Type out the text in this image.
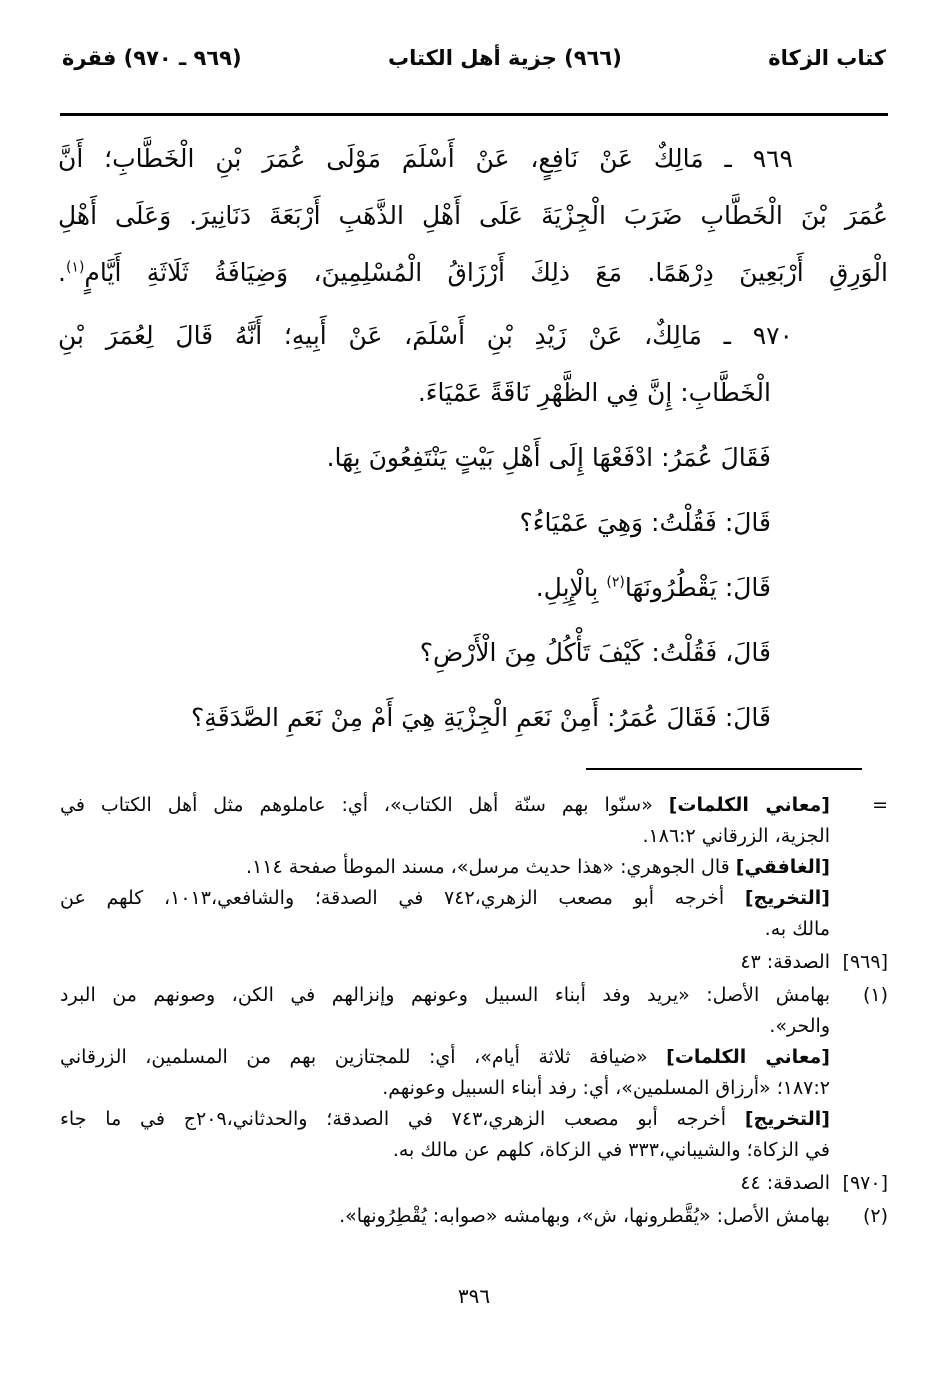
كتاب الزكاة
(٩٦٦) جزية أهل الكتاب
(٩٦٩ ـ ٩٧٠) فقرة
٩٦٩ ـ مَالِكٌ عَنْ نَافِعٍ، عَنْ أَسْلَمَ مَوْلَى عُمَرَ بْنِ الْخَطَّابِ؛ أَنَّ
عُمَرَ بْنَ الْخَطَّابِ ضَرَبَ الْجِزْيَةَ عَلَى أَهْلِ الذَّهَبِ أَرْبَعَةَ دَنَانِيرَ. وَعَلَى أَهْلِ
الْوَرِقِ أَرْبَعِينَ دِرْهَمًا. مَعَ ذلِكَ أَرْزَاقُ الْمُسْلِمِينَ، وَضِيَافَةُ ثَلَاثَةِ أَيَّامٍ$^{(١)}$.
٩٧٠ ـ مَالِكٌ، عَنْ زَيْدِ بْنِ أَسْلَمَ، عَنْ أَبِيهِ؛ أَنَّهُ قَالَ لِعُمَرَ بْنِ
الْخَطَّابِ: إِنَّ فِي الظَّهْرِ نَاقَةً عَمْيَاءَ.
فَقَالَ عُمَرُ: ادْفَعْهَا إِلَى أَهْلِ بَيْتٍ يَنْتَفِعُونَ بِهَا.
قَالَ: فَقُلْتُ: وَهِيَ عَمْيَاءُ؟
قَالَ: يَقْطُرُونَهَا$^{(٢)}$ بِالْإِبِلِ.
قَالَ، فَقُلْتُ: كَيْفَ تَأْكُلُ مِنَ الْأَرْضِ؟
قَالَ: فَقَالَ عُمَرُ: أَمِنْ نَعَمِ الْجِزْيَةِ هِيَ أَمْ مِنْ نَعَمِ الصَّدَقَةِ؟
=
[معاني الكلمات] «سنّوا بهم سنّة أهل الكتاب»، أي: عاملوهم مثل أهل الكتاب في
الجزية، الزرقاني ١٨٦:٢.
[الغافقي] قال الجوهري: «هذا حديث مرسل»، مسند الموطأ صفحة ١١٤.
[التخريج] أخرجه أبو مصعب الزهري،٧٤٢ في الصدقة؛ والشافعي،١٠١٣، كلهم عن
مالك به.
[٩٦٩]
الصدقة: ٤٣
(١)
بهامش الأصل: «يريد وفد أبناء السبيل وعونهم وإنزالهم في الكن، وصونهم من البرد
والحر».
[معاني الكلمات] «ضيافة ثلاثة أيام»، أي: للمجتازين بهم من المسلمين، الزرقاني
١٨٧:٢؛ «أرزاق المسلمين»، أي: رفد أبناء السبيل وعونهم.
[التخريج] أخرجه أبو مصعب الزهري،٧٤٣ في الصدقة؛ والحدثاني،٢٠٩ج في ما جاء
في الزكاة؛ والشيباني،٣٣٣ في الزكاة، كلهم عن مالك به.
[٩٧٠]
الصدقة: ٤٤
(٢)
بهامش الأصل: «يُقَّطرونها، ش»، وبهامشه «صوابه: يُقْطِرُونها».
٣٩٦
